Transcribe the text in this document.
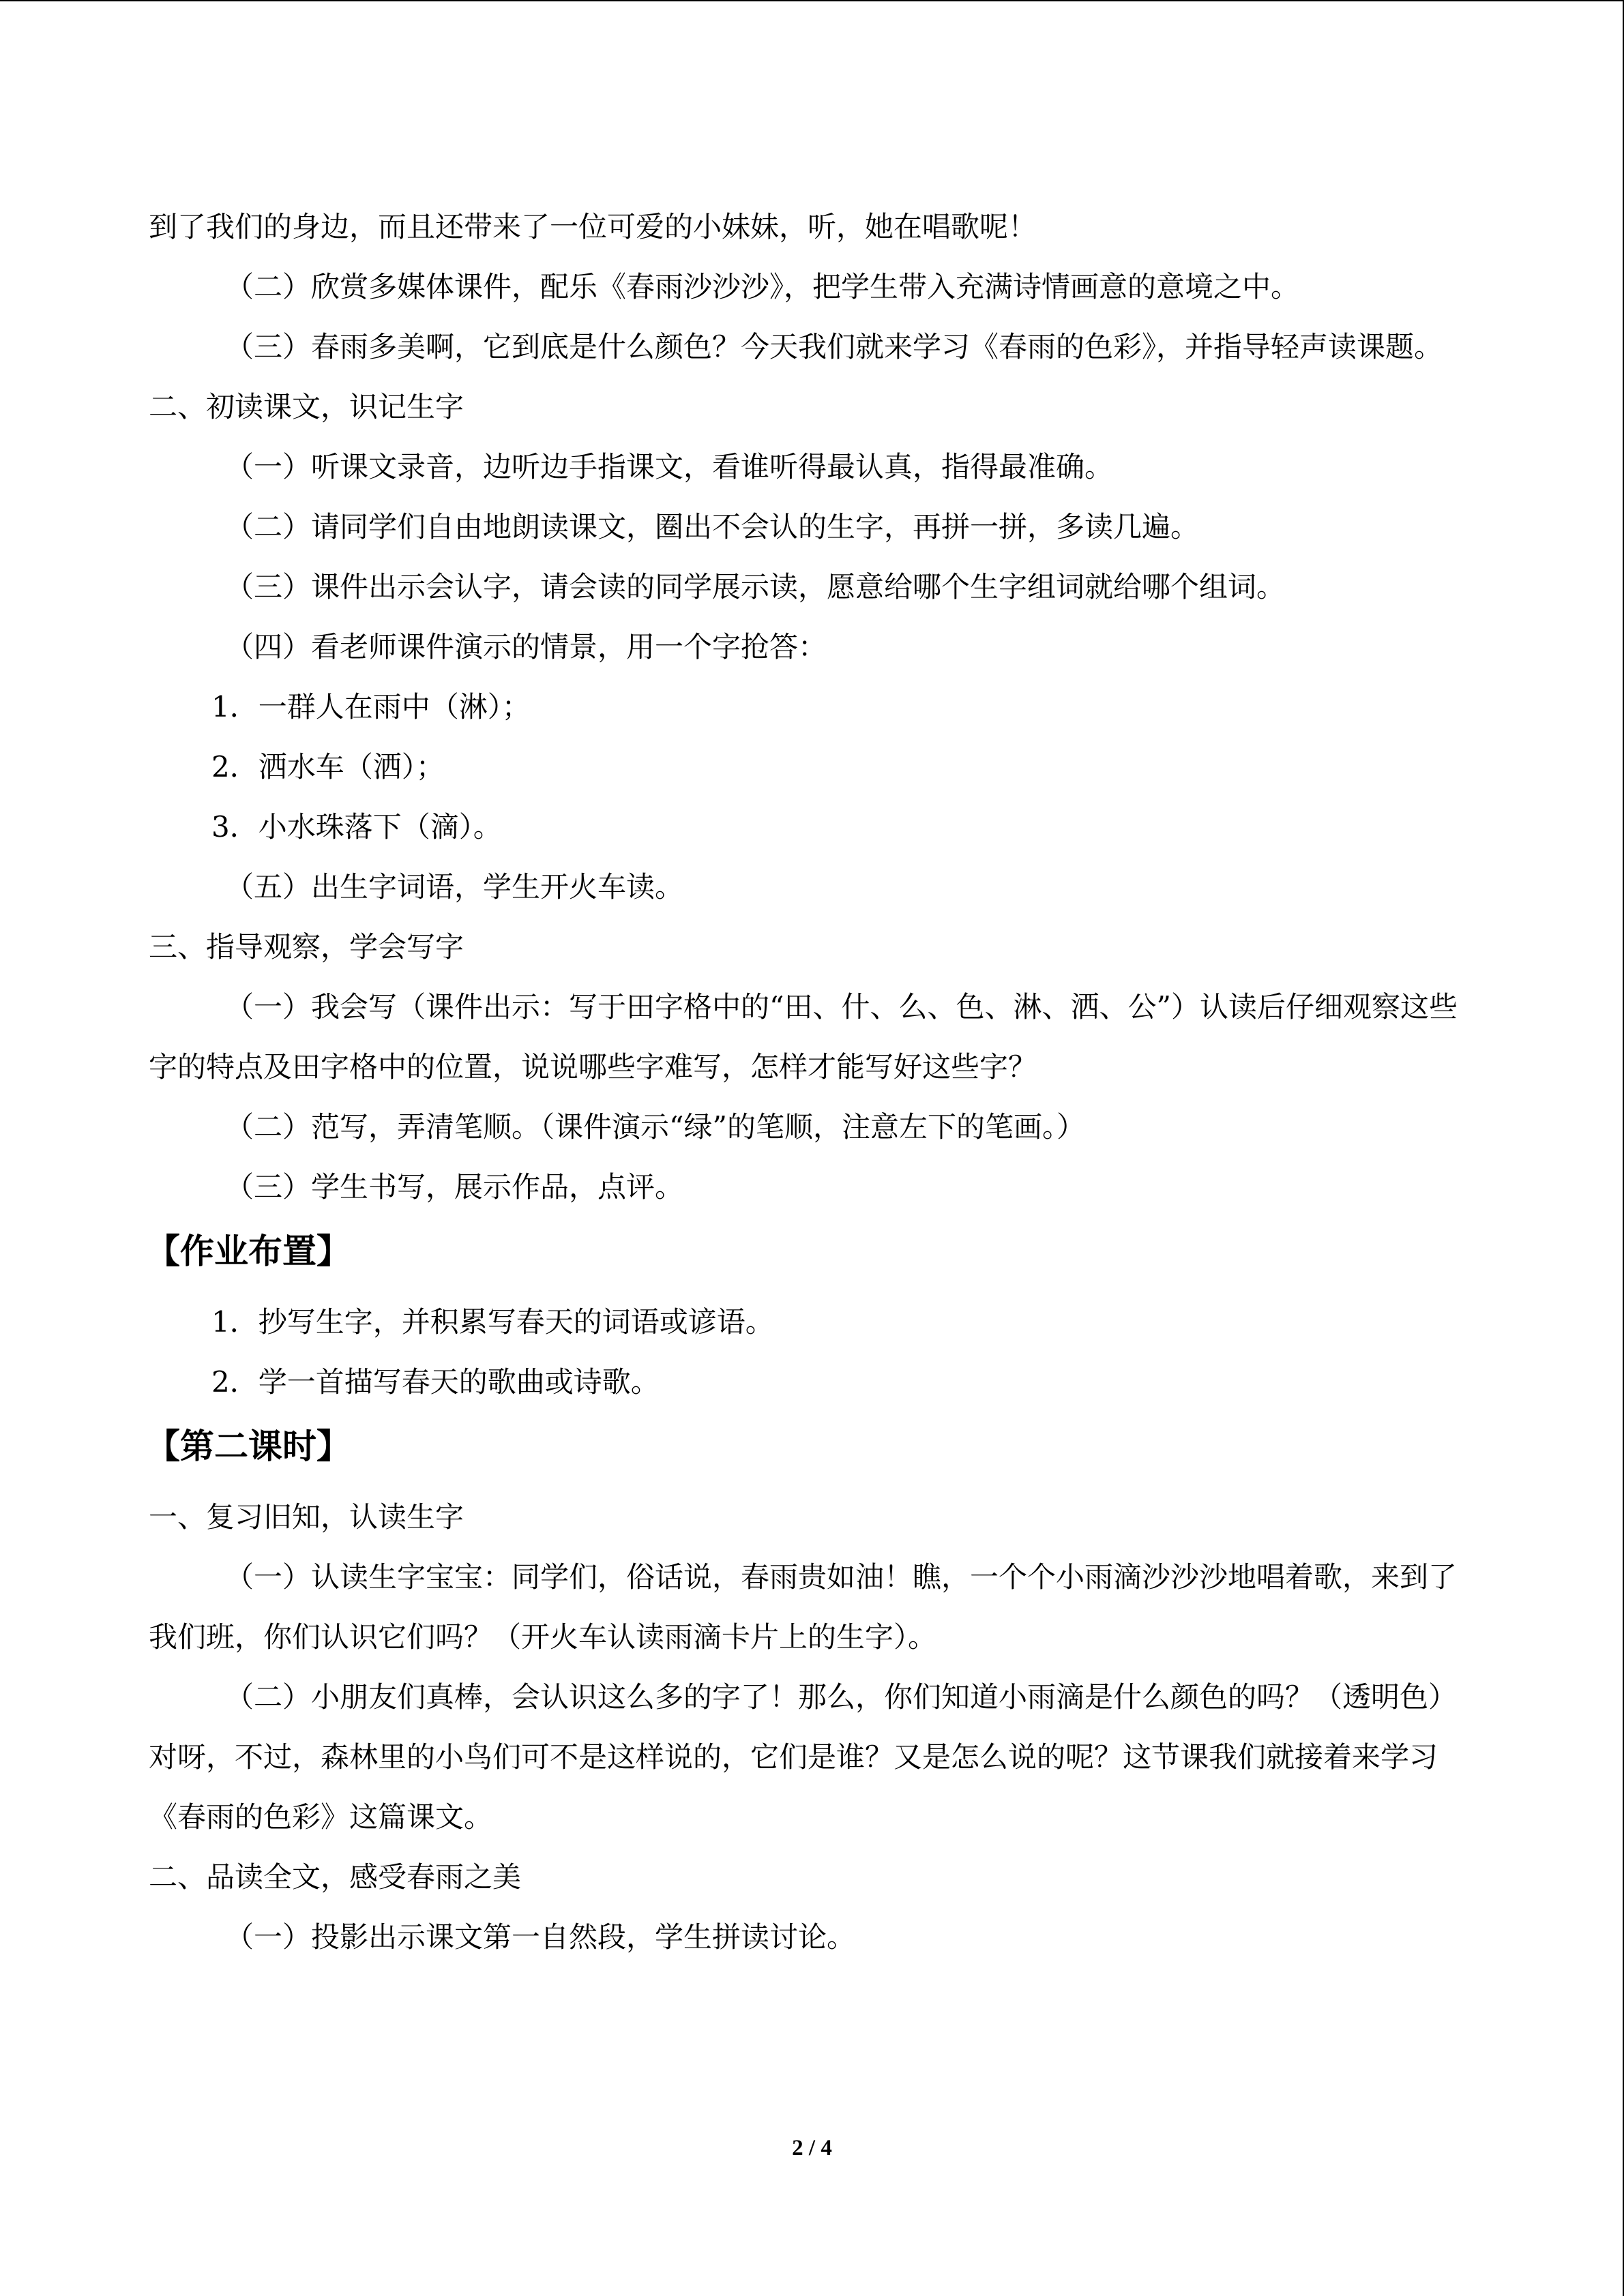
到了我们的身边，而且还带来了一位可爱的小妹妹，听，她在唱歌呢！
（二）欣赏多媒体课件，配乐《春雨沙沙沙》，把学生带入充满诗情画意的意境之中。
（三）春雨多美啊，它到底是什么颜色？今天我们就来学习《春雨的色彩》，并指导轻声读课题。
二、初读课文，识记生字
（一）听课文录音，边听边手指课文，看谁听得最认真，指得最准确。
（二）请同学们自由地朗读课文，圈出不会认的生字，再拼一拼，多读几遍。
（三）课件出示会认字，请会读的同学展示读，愿意给哪个生字组词就给哪个组词。
（四）看老师课件演示的情景，用一个字抢答：
1．一群人在雨中（淋）；
2．洒水车（洒）；
3．小水珠落下（滴）。
（五）出生字词语，学生开火车读。
三、指导观察，学会写字
（一）我会写（课件出示：写于田字格中的“田、什、么、色、淋、洒、公”）认读后仔细观察这些字的特点及田字格中的位置，说说哪些字难写，怎样才能写好这些字？
（二）范写，弄清笔顺。（课件演示“绿”的笔顺，注意左下的笔画。）
（三）学生书写，展示作品，点评。
【作业布置】
1．抄写生字，并积累写春天的词语或谚语。
2．学一首描写春天的歌曲或诗歌。
【第二课时】
一、复习旧知，认读生字
（一）认读生字宝宝：同学们，俗话说，春雨贵如油！瞧，一个个小雨滴沙沙沙地唱着歌，来到了我们班，你们认识它们吗？（开火车认读雨滴卡片上的生字）。
（二）小朋友们真棒，会认识这么多的字了！那么，你们知道小雨滴是什么颜色的吗？（透明色）对呀，不过，森林里的小鸟们可不是这样说的，它们是谁？又是怎么说的呢？这节课我们就接着来学习《春雨的色彩》这篇课文。
二、品读全文，感受春雨之美
（一）投影出示课文第一自然段，学生拼读讨论。
2 / 4
